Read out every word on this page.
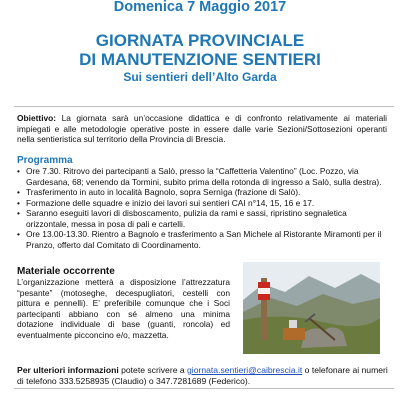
Domenica 7 Maggio 2017
GIORNATA PROVINCIALE
DI MANUTENZIONE SENTIERI
Sui sentieri dell’Alto Garda
Obiettivo: La giornata sarà un’occasione didattica e di confronto relativamente ai materiali impiegati e alle metodologie operative poste in essere dalle varie Sezioni/Sottosezioni operanti nella sentieristica sul territorio della Provincia di Brescia.
Programma
• Ore 7.30. Ritrovo dei partecipanti a Salò, presso la “Caffetteria Valentino” (Loc. Pozzo, via Gardesana, 68; venendo da Tormini, subito prima della rotonda di ingresso a Salò, sulla destra).
• Trasferimento in auto in località Bagnolo, sopra Sernìga (frazione di Salò).
• Formazione delle squadre e inizio dei lavori sui sentieri CAI n°14, 15, 16 e 17.
• Saranno eseguiti lavori di disboscamento, pulizia da rami e sassi, ripristino segnaletica orizzontale, messa in posa di pali e cartelli.
• Ore 13.00-13.30. Rientro a Bagnolo e trasferimento a San Michele al Ristorante Miramonti per il Pranzo, offerto dal Comitato di Coordinamento.
Materiale occorrente
L’organizzazione metterà a disposizione l’attrezzatura “pesante” (motoseghe, decespugliatori, cestelli con pittura e pennelli). E’ preferibile comunque che i Soci partecipanti abbiano con sé almeno una minima dotazione individuale di base (guanti, roncola) ed eventualmente picconcino e/o, mazzetta.
Per ulteriori informazioni potete scrivere a giornata.sentieri@caibrescia.it o telefonare ai numeri di telefono 333.5258935 (Claudio) o 347.7281689 (Federico).
